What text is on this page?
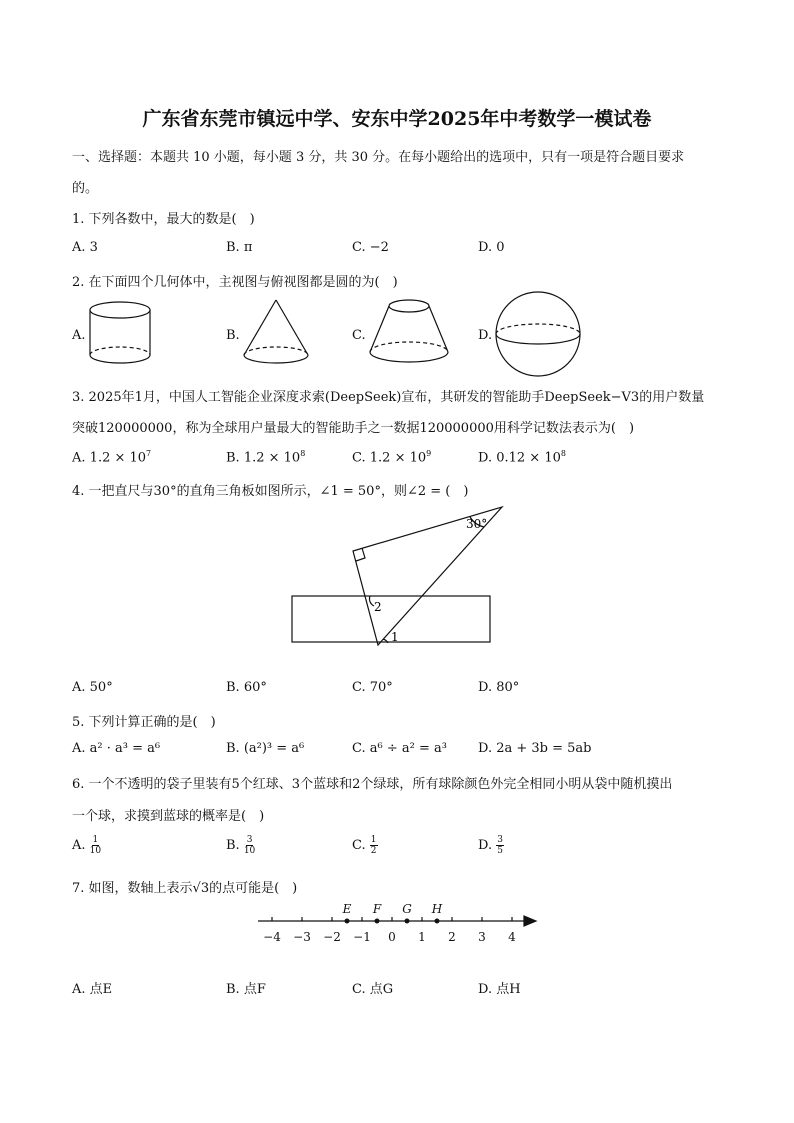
广东省东莞市镇远中学、安东中学2025年中考数学一模试卷
一、选择题：本题共 10 小题，每小题 3 分，共 30 分。在每小题给出的选项中，只有一项是符合题目要求
的。
1. 下列各数中，最大的数是(　)
A. 3	B. π	C. −2	D. 0
2. 在下面四个几何体中，主视图与俯视图都是圆的为(　)
A.	B.	C.	D.
30°
2
1
−4 −3 −2 −1 0 1 2 3 4
E F G H
3. 2025年1月，中国人工智能企业深度求索(DeepSeek)宣布，其研发的智能助手DeepSeek−V3的用户数量
突破120000000，称为全球用户量最大的智能助手之一数据120000000用科学记数法表示为(　)
A. $1.2 \times 10^7$	B. $1.2 \times 10^8$	C. $1.2 \times 10^9$	D. $0.12 \times 10^8$
4. 一把直尺与30°的直角三角板如图所示，∠1 = 50°，则∠2 = (　)
A. 50°	B. 60°	C. 70°	D. 80°
5. 下列计算正确的是(　)
A. a² · a³ = a⁶	B. (a²)³ = a⁶	C. a⁶ ÷ a² = a³ D. 2a + 3b = 5ab
6. 一个不透明的袋子里装有5个红球、3个蓝球和2个绿球，所有球除颜色外完全相同小明从袋中随机摸出
一个球，求摸到蓝球的概率是(　)
A. $\frac{1}{10}$	B. $\frac{3}{10}$	C. $\frac{1}{2}$	D. $\frac{3}{5}$
7. 如图，数轴上表示√3的点可能是(　)
A. 点E	B. 点F	C. 点G	D. 点H
